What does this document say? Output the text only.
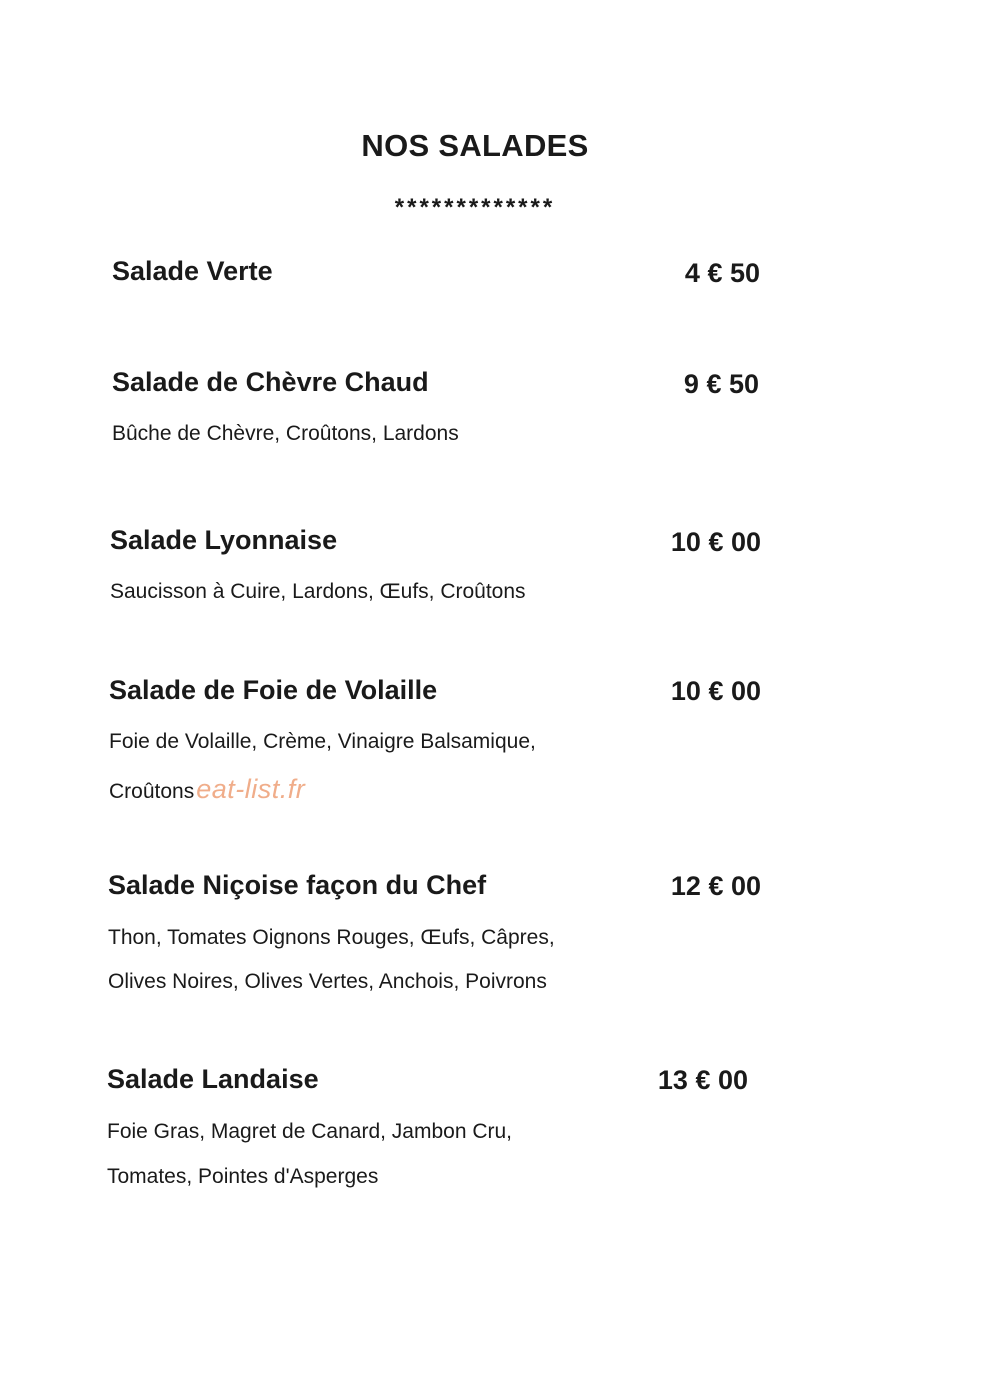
NOS SALADES
*************
Salade Verte	4 € 50
Salade de Chèvre Chaud	9 € 50
Bûche de Chèvre, Croûtons, Lardons
Salade Lyonnaise	10 € 00
Saucisson à Cuire, Lardons, Œufs, Croûtons
Salade de Foie de Volaille	10 € 00
Foie de Volaille, Crème, Vinaigre Balsamique,
Croûtonseat-list.fr
Salade Niçoise façon du Chef	12 € 00
Thon, Tomates Oignons Rouges, Œufs, Câpres,
Olives Noires, Olives Vertes, Anchois, Poivrons
Salade Landaise	13 € 00
Foie Gras, Magret de Canard, Jambon Cru,
Tomates, Pointes d'Asperges
